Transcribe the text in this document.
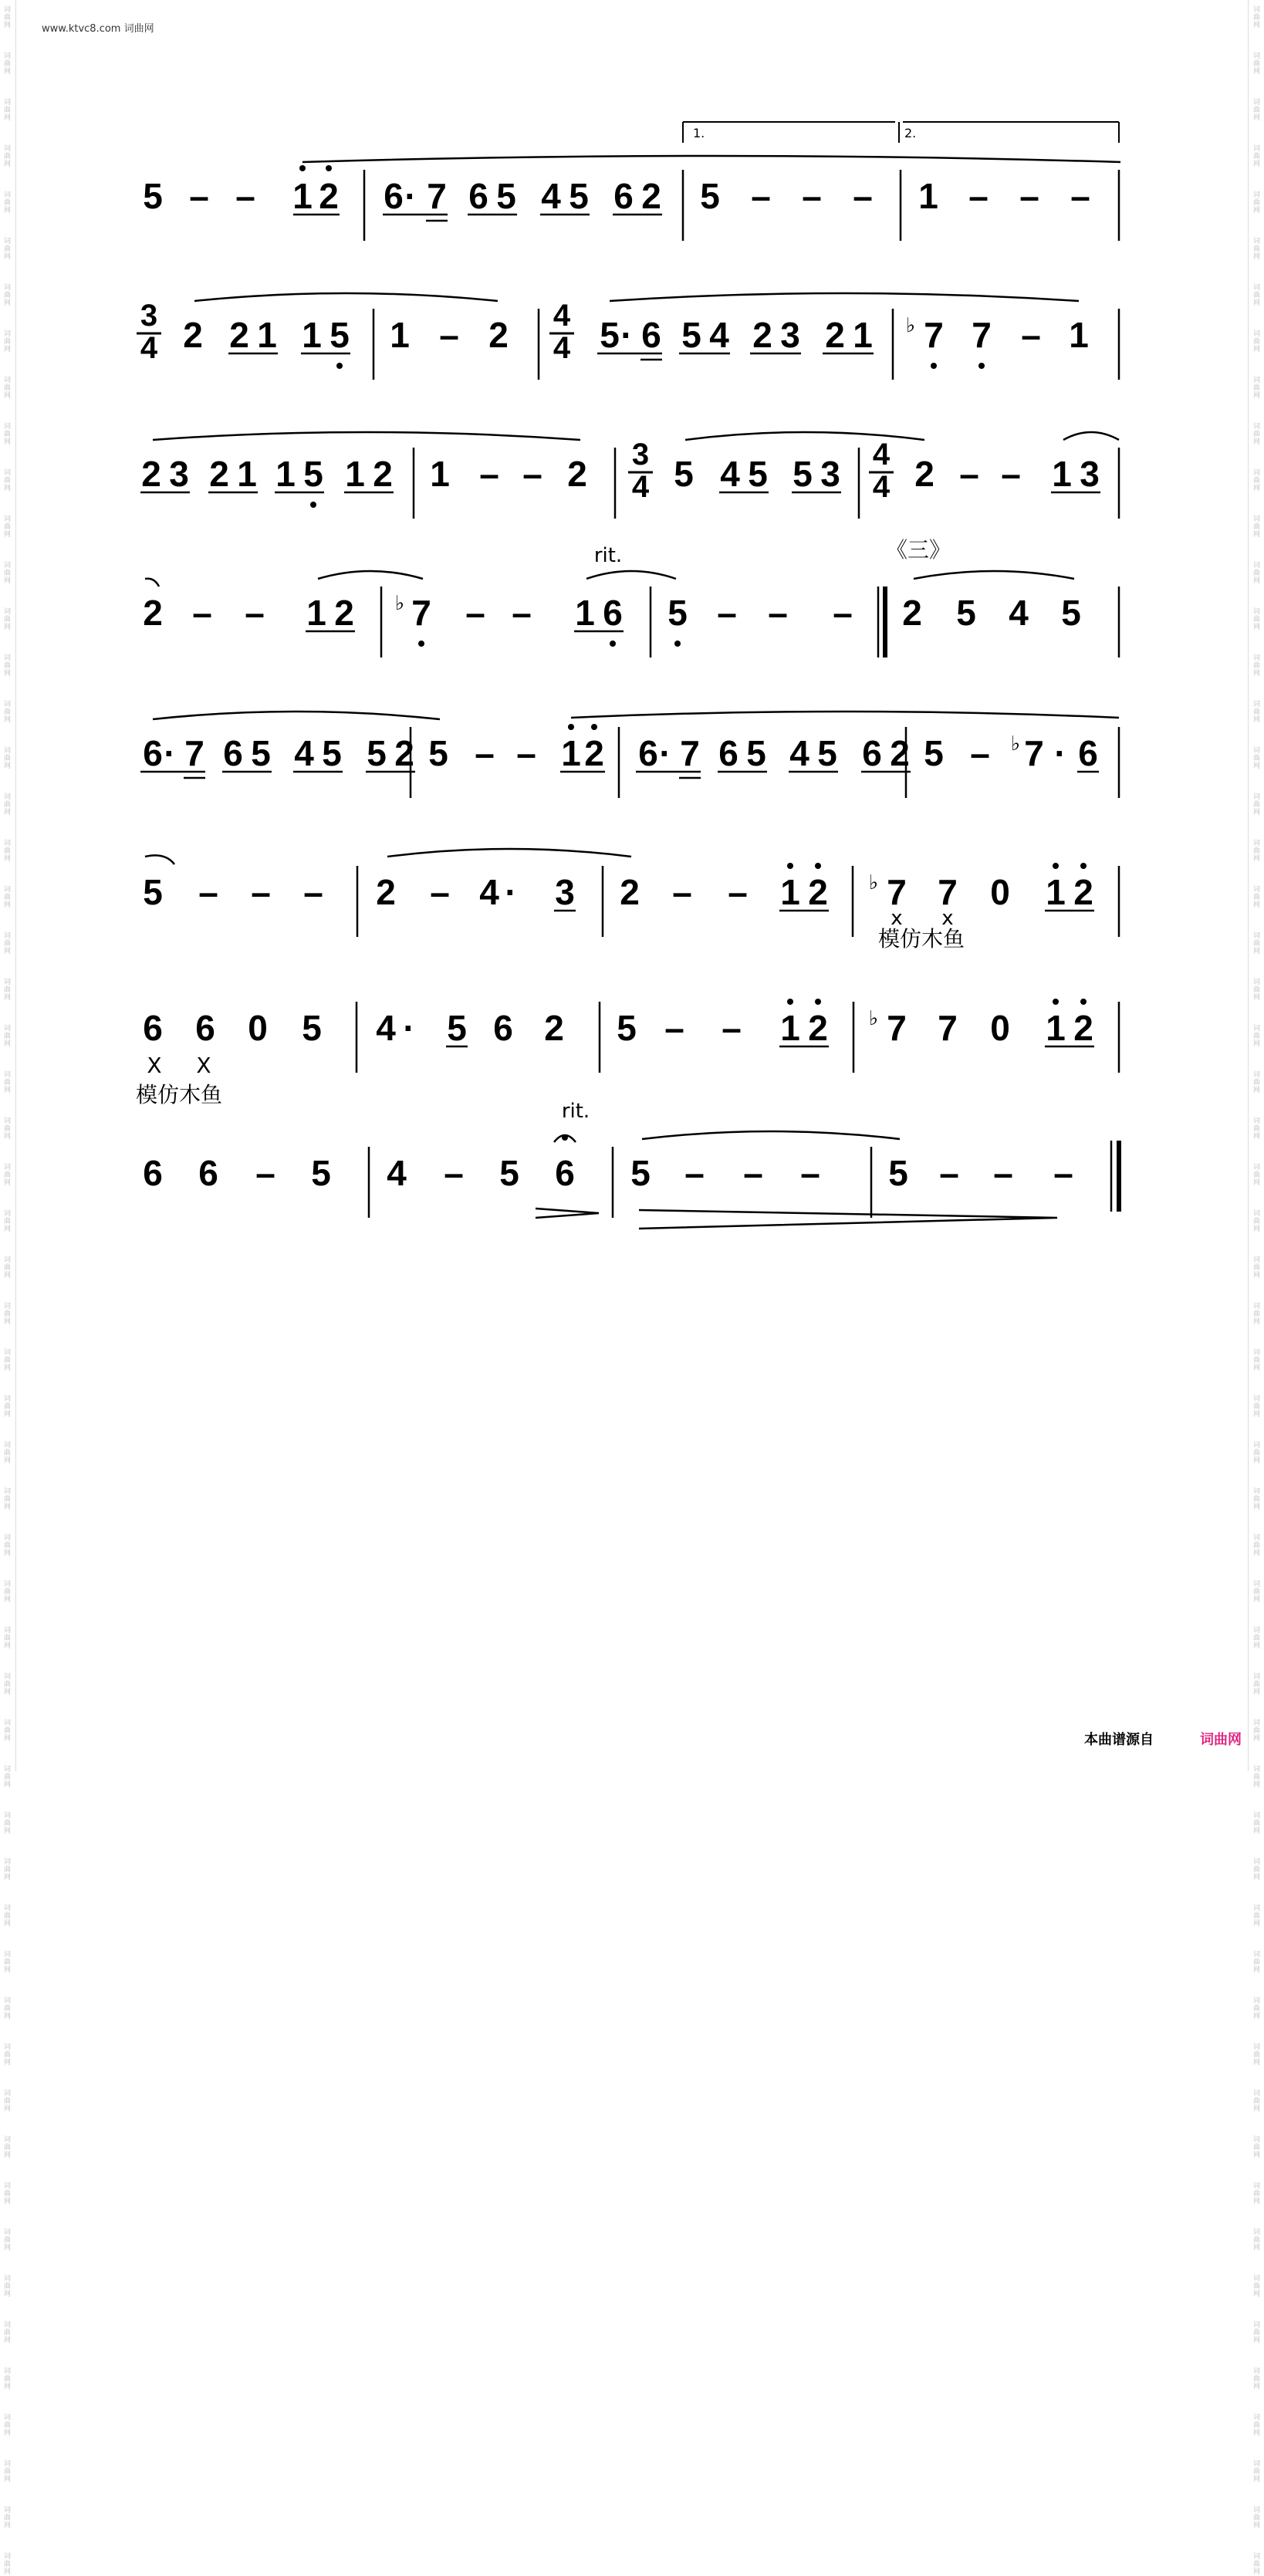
www.ktvc8.com 词曲网
5 – – 1 2 6 · 7 6 5 4 5 6 2 5 – – – 1 – – –
1.	2.
3
4 2 2 1 1 5 1 – 2 4
4 5 · 6 5 4 2 3 2 1 ♭ 7 7 – 1
2 3 2 1 1 5 1 2 1 – – 2 3
4 5 4 5 5 3 4
4 2 – – 1 3
2 – – 1 2 ♭ 7 – – 1 6
rit.
5 – – – 2 5 4 5
《三》
6 · 7 6 5 4 5 5 2 5 – – 1 2 6 · 7 6 5 4 5 6 2 5 – ♭ 7 · 6
5 – – – 2 – 4 · 3 2 – – 1 2 ♭ 7 7 0 1 2
x x
模仿木鱼
6 6 0 5
X X
模仿木鱼
4 · 5 6 2 5 – – 1 2 ♭ 7 7 0 1 2
6 6 – 5 4 – 5 6
rit.
5 – – – 5 – – –
本曲谱源自	词曲网
词
曲
网
词
曲
网
词
曲
网
词
曲
网
词
曲
网
词
曲
网
词
曲
网
词
曲
网
词
曲
网
词
曲
网
词
曲
网
词
曲
网
词
曲
网
词
曲
网
词
曲
网
词
曲
网
词
曲
网
词
曲
网
词
曲
网
词
曲
网
词
曲
网
词
曲
网
词
曲
网
词
曲
网
词
曲
网
词
曲
网
词
曲
网
词
曲
网
词
曲
网
词
曲
网
词
曲
网
词
曲
网
词
曲
网
词
曲
网
词
曲
网
词
曲
网
词
曲
网
词
曲
网
词
曲
网
词
曲
网
词
曲
网
词
曲
网
词
曲
网
词
曲
网
词
曲
网
词
曲
网
词
曲
网
词
曲
网
词
曲
网
词
曲
网
词
曲
网
词
曲
网
词
曲
网
词
曲
网
词
曲
网
词
曲
网
词
曲
网
词
曲
网
词
曲
网
词
曲
网
词
曲
网
词
曲
网
词
曲
网
词
曲
网
词
曲
网
词
曲
网
词
曲
网
词
曲
网
词
曲
网
词
曲
网
词
曲
网
词
曲
网
词
曲
网
词
曲
网
词
曲
网
词
曲
网
词
曲
网
词
曲
网
词
曲
网
词
曲
网
词
曲
网
词
曲
网
词
曲
网
词
曲
网
词
曲
网
词
曲
网
词
曲
网
词
曲
网
词
曲
网
词
曲
网
词
曲
网
词
曲
网
词
曲
网
词
曲
网
词
曲
网
词
曲
网
词
曲
网
词
曲
网
词
曲
网
词
曲
网
词
曲
网
词
曲
网
词
曲
网
词
曲
网
词
曲
网
词
曲
网
词
曲
网
词
曲
网
词
曲
网
词
曲
网
词
曲
网
词
曲
网
